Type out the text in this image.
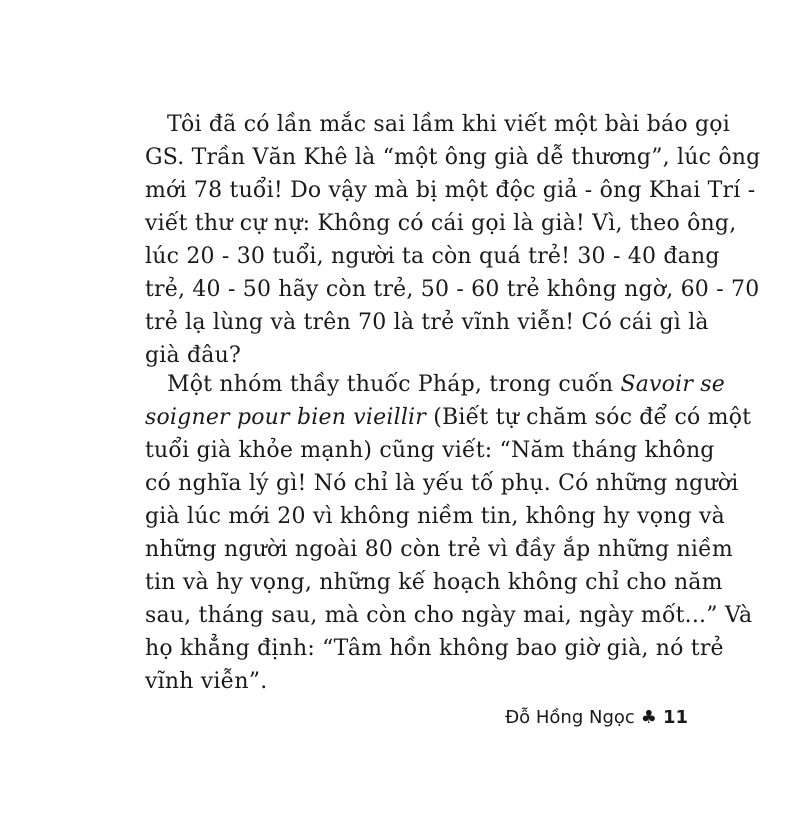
Tôi đã có lần mắc sai lầm khi viết một bài báo gọi
GS. Trần Văn Khê là “một ông già dễ thương”, lúc ông
mới 78 tuổi! Do vậy mà bị một độc giả - ông Khai Trí -
viết thư cự nự: Không có cái gọi là già! Vì, theo ông,
lúc 20 - 30 tuổi, người ta còn quá trẻ! 30 - 40 đang
trẻ, 40 - 50 hãy còn trẻ, 50 - 60 trẻ không ngờ, 60 - 70
trẻ lạ lùng và trên 70 là trẻ vĩnh viễn! Có cái gì là
già đâu?
Một nhóm thầy thuốc Pháp, trong cuốn Savoir se
soigner pour bien vieillir (Biết tự chăm sóc để có một
tuổi già khỏe mạnh) cũng viết: “Năm tháng không
có nghĩa lý gì! Nó chỉ là yếu tố phụ. Có những người
già lúc mới 20 vì không niềm tin, không hy vọng và
những người ngoài 80 còn trẻ vì đầy ắp những niềm
tin và hy vọng, những kế hoạch không chỉ cho năm
sau, tháng sau, mà còn cho ngày mai, ngày mốt...” Và
họ khẳng định: “Tâm hồn không bao giờ già, nó trẻ
vĩnh viễn”.
Đỗ Hồng Ngọc ♣ 11
